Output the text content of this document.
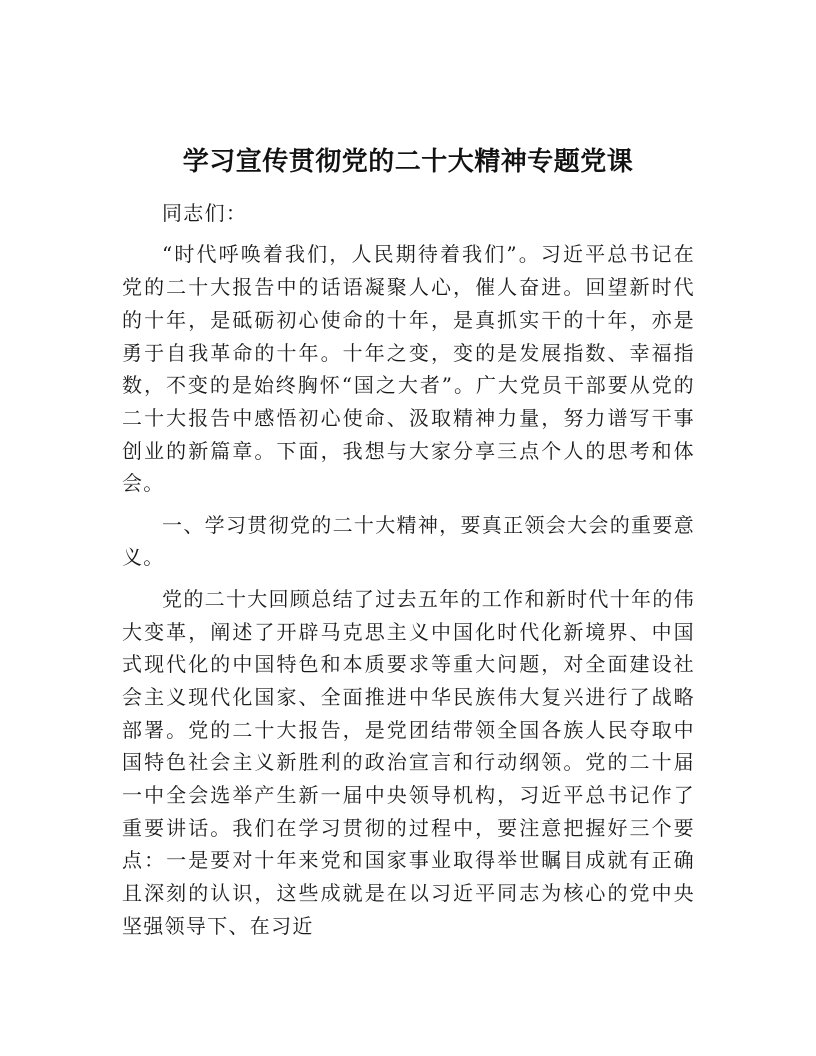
学习宣传贯彻党的二十大精神专题党课

同志们：

“时代呼唤着我们，人民期待着我们”。习近平总书记在党的二十大报告中的话语凝聚人心，催人奋进。回望新时代的十年，是砥砺初心使命的十年，是真抓实干的十年，亦是勇于自我革命的十年。十年之变，变的是发展指数、幸福指数，不变的是始终胸怀“国之大者”。广大党员干部要从党的二十大报告中感悟初心使命、汲取精神力量，努力谱写干事创业的新篇章。下面，我想与大家分享三点个人的思考和体会。

一、学习贯彻党的二十大精神，要真正领会大会的重要意义。

党的二十大回顾总结了过去五年的工作和新时代十年的伟大变革，阐述了开辟马克思主义中国化时代化新境界、中国式现代化的中国特色和本质要求等重大问题，对全面建设社会主义现代化国家、全面推进中华民族伟大复兴进行了战略部署。党的二十大报告，是党团结带领全国各族人民夺取中国特色社会主义新胜利的政治宣言和行动纲领。党的二十届一中全会选举产生新一届中央领导机构，习近平总书记作了重要讲话。我们在学习贯彻的过程中，要注意把握好三个要点：一是要对十年来党和国家事业取得举世瞩目成就有正确且深刻的认识，这些成就是在以习近平同志为核心的党中央坚强领导下、在习近
